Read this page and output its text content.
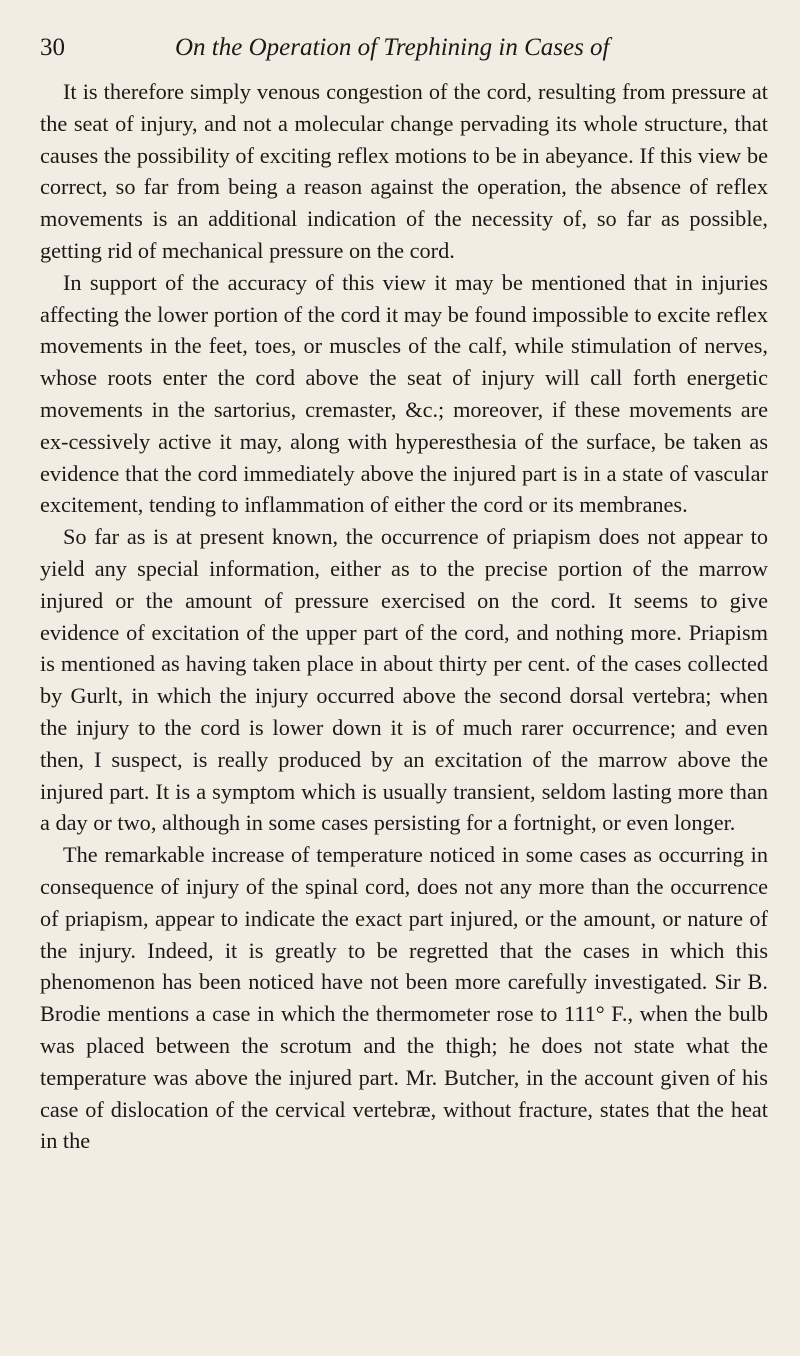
30	On the Operation of Trephining in Cases of

It is therefore simply venous congestion of the cord, resulting from pressure at the seat of injury, and not a molecular change pervading its whole structure, that causes the possibility of exciting reflex motions to be in abeyance. If this view be correct, so far from being a reason against the operation, the absence of reflex movements is an additional indication of the necessity of, so far as possible, getting rid of mechanical pressure on the cord.

In support of the accuracy of this view it may be mentioned that in injuries affecting the lower portion of the cord it may be found impossible to excite reflex movements in the feet, toes, or muscles of the calf, while stimulation of nerves, whose roots enter the cord above the seat of injury will call forth energetic movements in the sartorius, cremaster, &c.; moreover, if these movements are ex-cessively active it may, along with hyperesthesia of the surface, be taken as evidence that the cord immediately above the injured part is in a state of vascular excitement, tending to inflammation of either the cord or its membranes.

So far as is at present known, the occurrence of priapism does not appear to yield any special information, either as to the precise portion of the marrow injured or the amount of pressure exercised on the cord. It seems to give evidence of excitation of the upper part of the cord, and nothing more. Priapism is mentioned as having taken place in about thirty per cent. of the cases collected by Gurlt, in which the injury occurred above the second dorsal vertebra; when the injury to the cord is lower down it is of much rarer occurrence; and even then, I suspect, is really produced by an excitation of the marrow above the injured part. It is a symptom which is usually transient, seldom lasting more than a day or two, although in some cases persisting for a fortnight, or even longer.

The remarkable increase of temperature noticed in some cases as occurring in consequence of injury of the spinal cord, does not any more than the occurrence of priapism, appear to indicate the exact part injured, or the amount, or nature of the injury. Indeed, it is greatly to be regretted that the cases in which this phenomenon has been noticed have not been more carefully investigated. Sir B. Brodie mentions a case in which the thermometer rose to 111° F., when the bulb was placed between the scrotum and the thigh; he does not state what the temperature was above the injured part. Mr. Butcher, in the account given of his case of dislocation of the cervical vertebræ, without fracture, states that the heat in the
